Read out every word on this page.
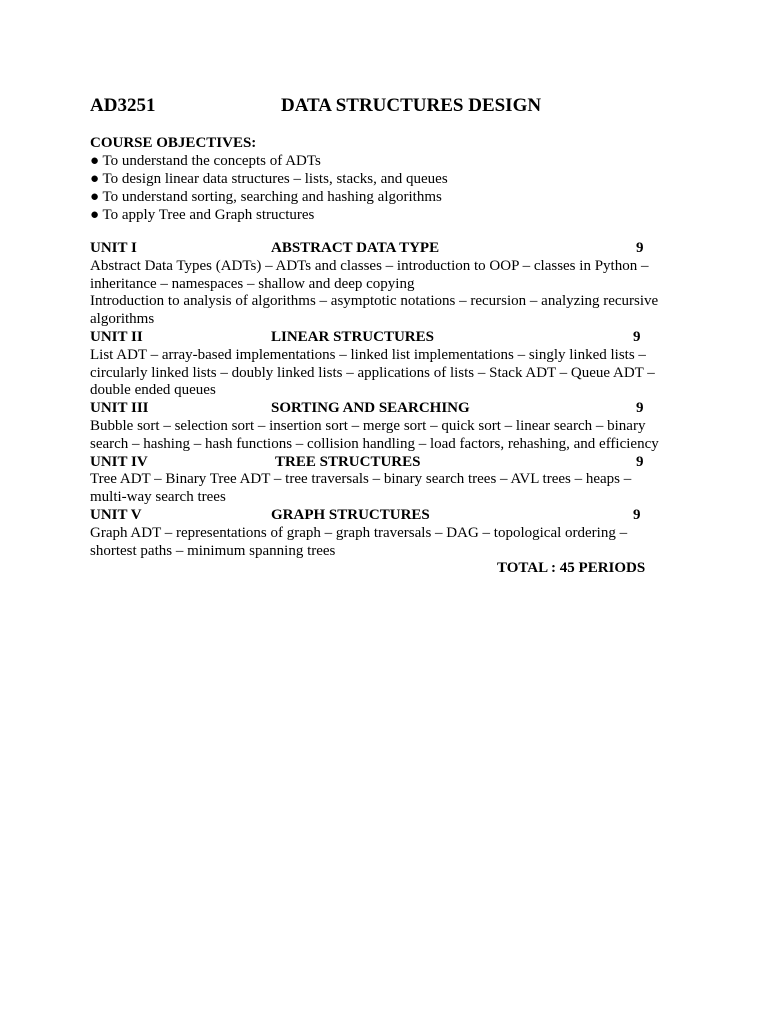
AD3251	DATA STRUCTURES DESIGN
COURSE OBJECTIVES:
● To understand the concepts of ADTs
● To design linear data structures – lists, stacks, and queues
● To understand sorting, searching and hashing algorithms
● To apply Tree and Graph structures
UNIT I	ABSTRACT DATA TYPE	9
Abstract Data Types (ADTs) – ADTs and classes – introduction to OOP – classes in Python –
inheritance – namespaces – shallow and deep copying
Introduction to analysis of algorithms – asymptotic notations – recursion – analyzing recursive
algorithms
UNIT II	LINEAR STRUCTURES	9
List ADT – array-based implementations – linked list implementations – singly linked lists –
circularly linked lists – doubly linked lists – applications of lists – Stack ADT – Queue ADT –
double ended queues
UNIT III	SORTING AND SEARCHING	9
Bubble sort – selection sort – insertion sort – merge sort – quick sort – linear search – binary
search – hashing – hash functions – collision handling – load factors, rehashing, and efficiency
UNIT IV	TREE STRUCTURES	9
Tree ADT – Binary Tree ADT – tree traversals – binary search trees – AVL trees – heaps –
multi-way search trees
UNIT V	GRAPH STRUCTURES	9
Graph ADT – representations of graph – graph traversals – DAG – topological ordering –
shortest paths – minimum spanning trees
TOTAL : 45 PERIODS
